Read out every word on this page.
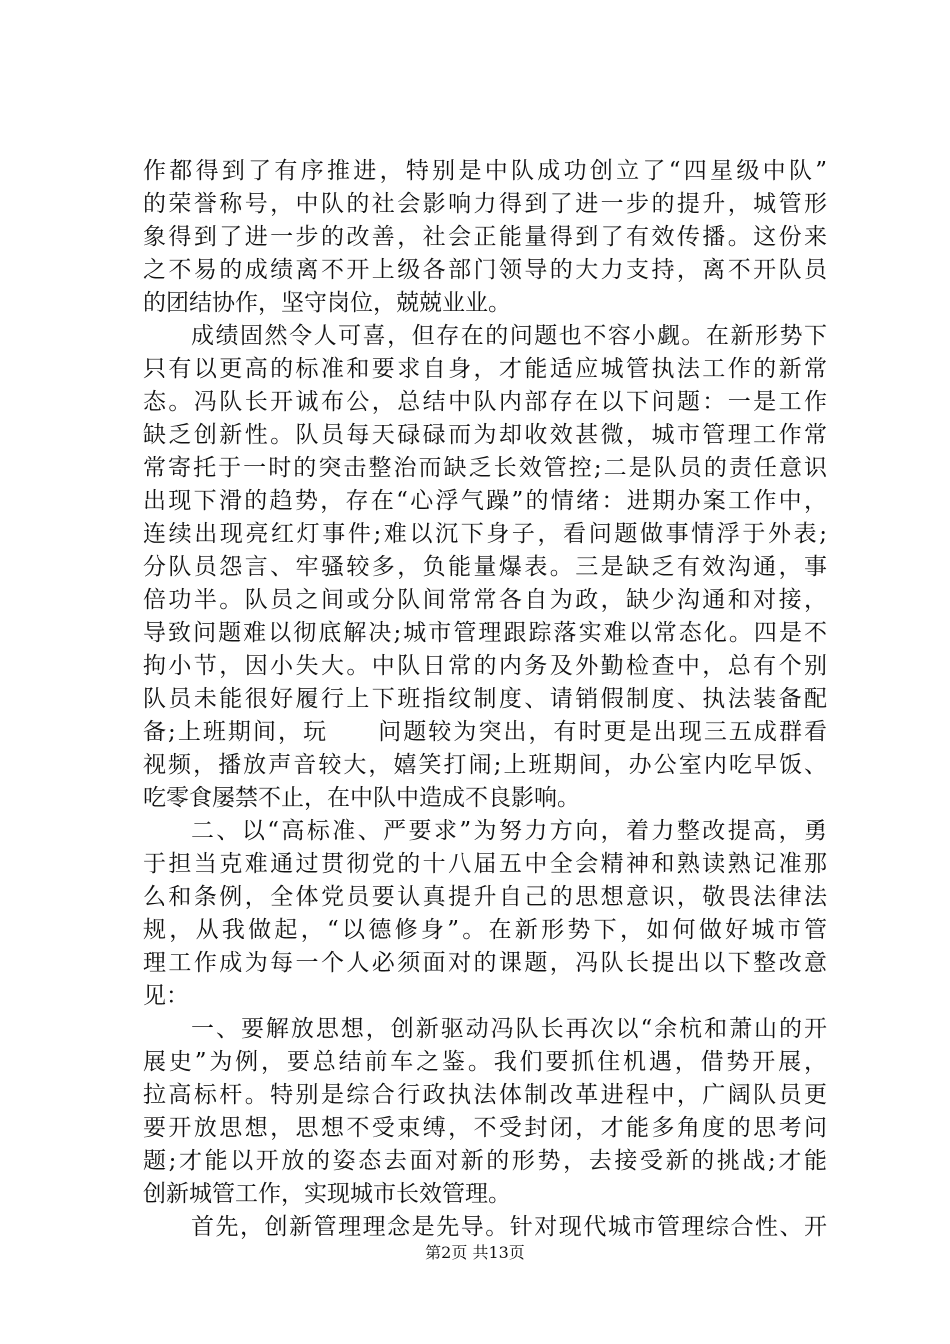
作都得到了有序推进，特别是中队成功创立了“四星级中队”
的荣誉称号，中队的社会影响力得到了进一步的提升，城管形
象得到了进一步的改善，社会正能量得到了有效传播。这份来
之不易的成绩离不开上级各部门领导的大力支持，离不开队员
的团结协作，坚守岗位，兢兢业业。
成绩固然令人可喜，但存在的问题也不容小觑。在新形势下
只有以更高的标准和要求自身，才能适应城管执法工作的新常
态。冯队长开诚布公，总结中队内部存在以下问题：一是工作
缺乏创新性。队员每天碌碌而为却收效甚微，城市管理工作常
常寄托于一时的突击整治而缺乏长效管控;二是队员的责任意识
出现下滑的趋势，存在“心浮气躁”的情绪：进期办案工作中，
连续出现亮红灯事件;难以沉下身子，看问题做事情浮于外表;
分队员怨言、牢骚较多，负能量爆表。三是缺乏有效沟通，事
倍功半。队员之间或分队间常常各自为政，缺少沟通和对接，
导致问题难以彻底解决;城市管理跟踪落实难以常态化。四是不
拘小节，因小失大。中队日常的内务及外勤检查中，总有个别
队员未能很好履行上下班指纹制度、请销假制度、执法装备配
备;上班期间，玩　　问题较为突出，有时更是出现三五成群看
视频，播放声音较大，嬉笑打闹;上班期间，办公室内吃早饭、
吃零食屡禁不止，在中队中造成不良影响。
二、以“高标准、严要求”为努力方向，着力整改提高，勇
于担当克难通过贯彻党的十八届五中全会精神和熟读熟记准那
么和条例，全体党员要认真提升自己的思想意识，敬畏法律法
规，从我做起，“以德修身”。在新形势下，如何做好城市管
理工作成为每一个人必须面对的课题，冯队长提出以下整改意
见：
一、要解放思想，创新驱动冯队长再次以“余杭和萧山的开
展史”为例，要总结前车之鉴。我们要抓住机遇，借势开展，
拉高标杆。特别是综合行政执法体制改革进程中，广阔队员更
要开放思想，思想不受束缚，不受封闭，才能多角度的思考问
题;才能以开放的姿态去面对新的形势，去接受新的挑战;才能
创新城管工作，实现城市长效管理。
首先，创新管理理念是先导。针对现代城市管理综合性、开
第2页 共13页
